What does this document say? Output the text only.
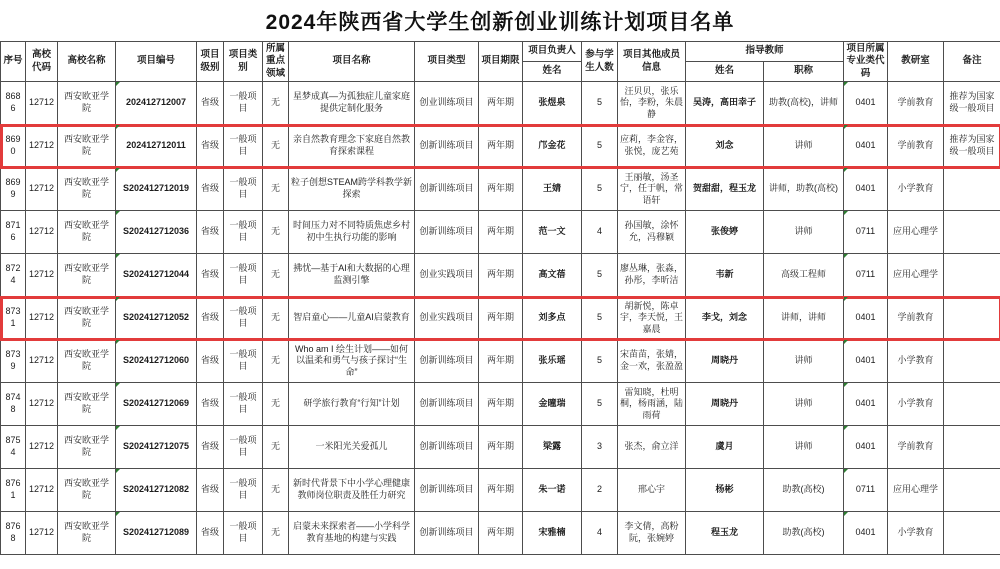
2024年陕西省大学生创新创业训练计划项目名单
序号	高校代码	高校名称	项目编号	项目级别	项目类别	所属重点领域	项目名称	项目类型	项目期限	项目负责人	参与学生人数	项目其他成员信息	指导教师		项目所属专业类代码	教研室	备注
										姓名			姓名	职称			
8686	12712	西安欧亚学院	202412712007	省级	一般项目	无	星梦成真—为孤独症儿童家庭提供定制化服务	创业训练项目	两年期	张煜泉	5	汪贝贝，张乐怡，李粉，朱晨静	吴涛，高田幸子	助教(高校)，讲师	0401	学前教育	推荐为国家级一般项目
8690	12712	西安欧亚学院	202412712011	省级	一般项目	无	亲自然教育理念下家庭自然教育探索课程	创新训练项目	两年期	邝金花	5	应莉，李金容，张悦，庞艺苑	刘念	讲师	0401	学前教育	推荐为国家级一般项目
8699	12712	西安欧亚学院	S202412712019	省级	一般项目	无	粒子创想STEAM跨学科教学新探索	创新训练项目	两年期	王婧	5	王丽敏，汤圣宁，任于帆，常语轩	贺甜甜，程玉龙	讲师，助教(高校)	0401	小学教育	
8716	12712	西安欧亚学院	S202412712036	省级	一般项目	无	时间压力对不同特质焦虑乡村初中生执行功能的影响	创新训练项目	两年期	范一文	4	孙国敏，涂怀允，冯穆颖	张俊婷	讲师	0711	应用心理学	
8724	12712	西安欧亚学院	S202412712044	省级	一般项目	无	拂忧—基于AI和大数据的心理监测引擎	创业实践项目	两年期	高文蓓	5	廖丛琳，张淼，孙彤，李昕洁	韦新	高级工程师	0711	应用心理学	
8731	12712	西安欧亚学院	S202412712052	省级	一般项目	无	智启童心——儿童AI启蒙教育	创业实践项目	两年期	刘多点	5	胡新悦，陈卓宇，李天悦，王嘉晨	李戈，刘念	讲师，讲师	0401	学前教育	
8739	12712	西安欧亚学院	S202412712060	省级	一般项目	无	Who am I 绘生计划——如何以温柔和勇气与孩子探讨“生命”	创新训练项目	两年期	张乐瑶	5	宋苗苗，张婧，金一欢，张盈盈	周晓丹	讲师	0401	小学教育	
8748	12712	西安欧亚学院	S202412712069	省级	一般项目	无	研学旅行教育“行知”计划	创新训练项目	两年期	金曈瑞	5	雷知晓，杜明桐，杨雨涵，陆雨荷	周晓丹	讲师	0401	小学教育	
8754	12712	西安欧亚学院	S202412712075	省级	一般项目	无	一米阳光关爱孤儿	创新训练项目	两年期	梁露	3	张杰，俞立洋	虞月	讲师	0401	学前教育	
8761	12712	西安欧亚学院	S202412712082	省级	一般项目	无	新时代背景下中小学心理健康教师岗位职责及胜任力研究	创新训练项目	两年期	朱一诺	2	邢心宇	杨彬	助教(高校)	0711	应用心理学	
8768	12712	西安欧亚学院	S202412712089	省级	一般项目	无	启蒙未来探索者——小学科学教育基地的构建与实践	创新训练项目	两年期	宋雅楠	4	李文倩，高粉阮，张婉婷	程玉龙	助教(高校)	0401	小学教育	
